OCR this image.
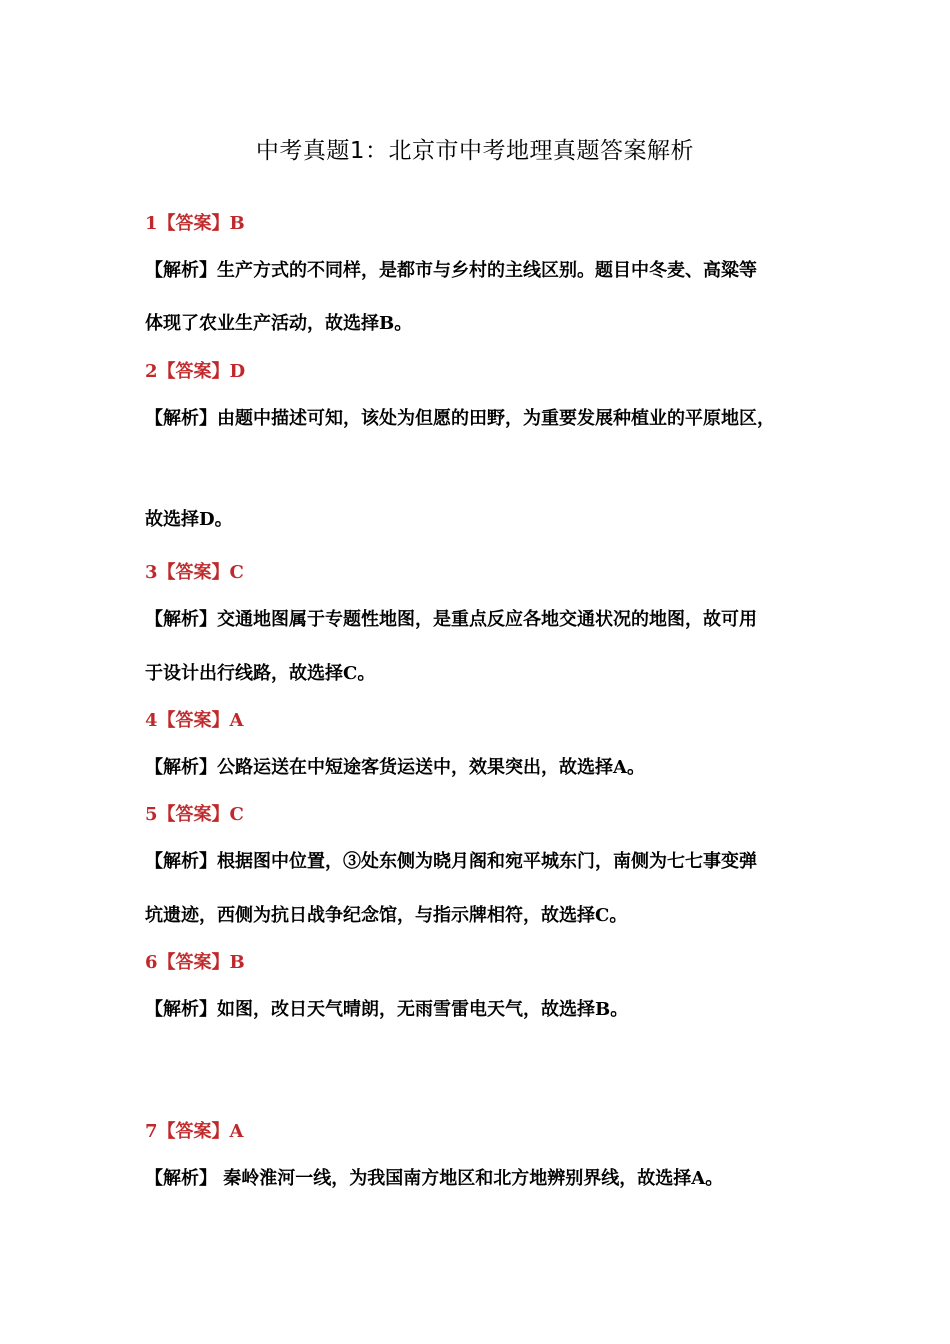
中考真题1：北京市中考地理真题答案解析
1【答案】B
【解析】生产方式的不同样，是都市与乡村的主线区别。题目中冬麦、高粱等
体现了农业生产活动，故选择B。
2【答案】D
【解析】由题中描述可知，该处为但愿的田野，为重要发展种植业的平原地区，
故选择D。
3【答案】C
【解析】交通地图属于专题性地图，是重点反应各地交通状况的地图，故可用
于设计出行线路，故选择C。
4【答案】A
【解析】公路运送在中短途客货运送中，效果突出，故选择A。
5【答案】C
【解析】根据图中位置，③处东侧为晓月阁和宛平城东门，南侧为七七事变弹
坑遗迹，西侧为抗日战争纪念馆，与指示牌相符，故选择C。
6【答案】B
【解析】如图，改日天气晴朗，无雨雪雷电天气，故选择B。
7【答案】A
【解析】 秦岭淮河一线，为我国南方地区和北方地辨别界线，故选择A。
